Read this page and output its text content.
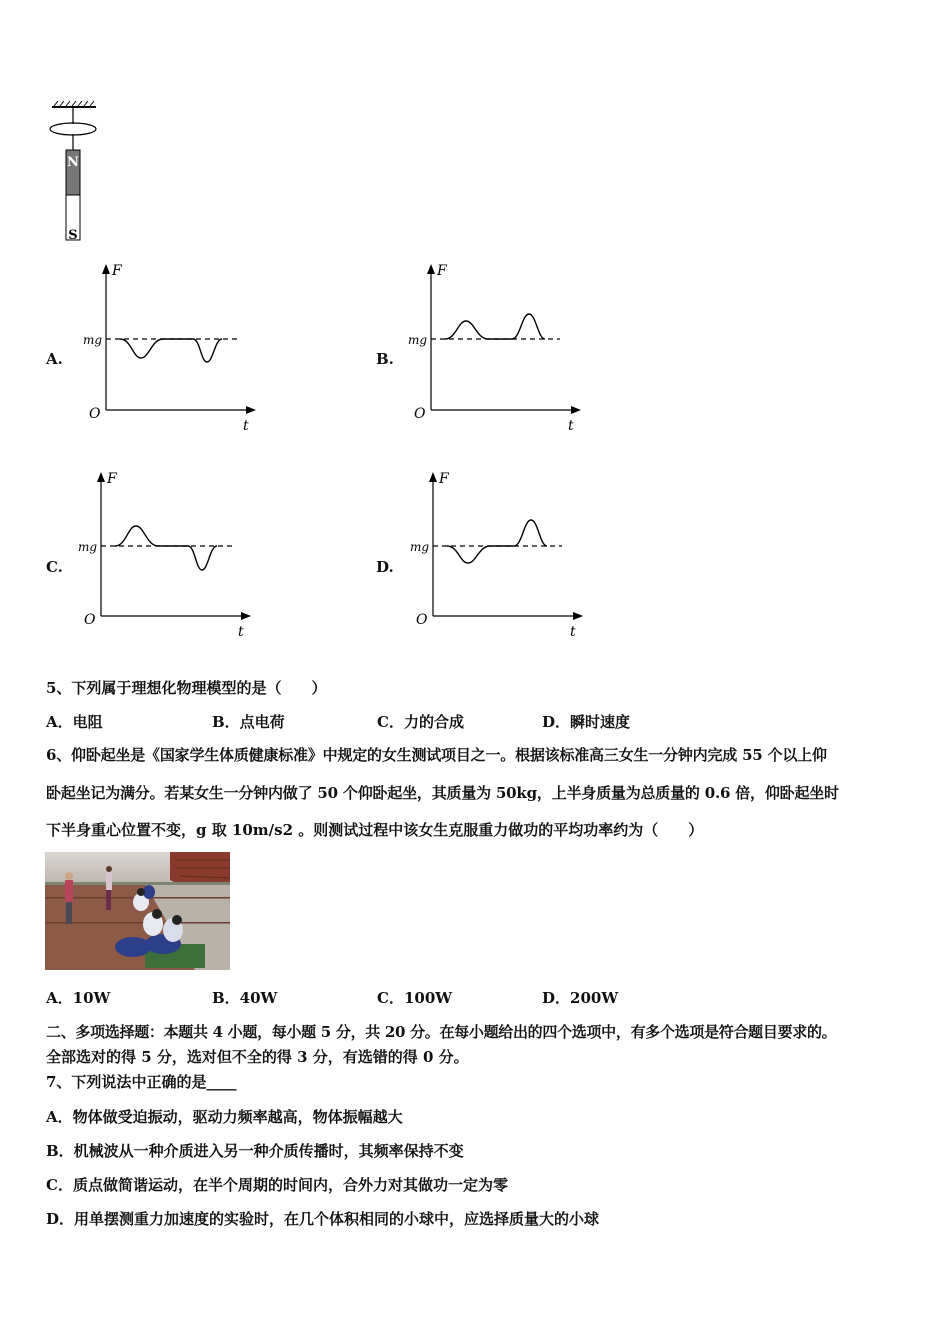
N
S
A.
F
mg
O
t
B.
F
mg
O
t
C.
F
mg
O
t
D.
F
mg
O
t
5、下列属于理想化物理模型的是（　　）
A．电阻	B．点电荷	C．力的合成	D．瞬时速度
6、仰卧起坐是《国家学生体质健康标准》中规定的女生测试项目之一。根据该标准高三女生一分钟内完成 55 个以上仰
卧起坐记为满分。若某女生一分钟内做了 50 个仰卧起坐，其质量为 50kg，上半身质量为总质量的 0.6 倍，仰卧起坐时
下半身重心位置不变，g 取 10m/s2 。则测试过程中该女生克服重力做功的平均功率约为（　　）
A．10W	B．40W	C．100W	D．200W
二、多项选择题：本题共 4 小题，每小题 5 分，共 20 分。在每小题给出的四个选项中，有多个选项是符合题目要求的。
全部选对的得 5 分，选对但不全的得 3 分，有选错的得 0 分。
7、下列说法中正确的是____
A．物体做受迫振动，驱动力频率越高，物体振幅越大
B．机械波从一种介质进入另一种介质传播时，其频率保持不变
C．质点做简谐运动，在半个周期的时间内，合外力对其做功一定为零
D．用单摆测重力加速度的实验时，在几个体积相同的小球中，应选择质量大的小球
